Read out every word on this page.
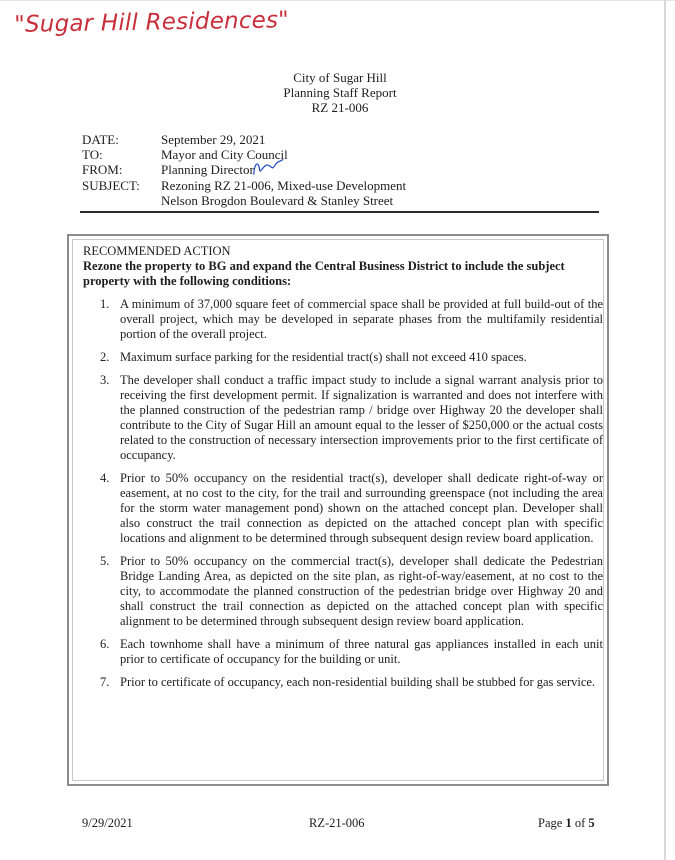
"Sugar Hill Residences"
City of Sugar Hill
Planning Staff Report
RZ 21-006
DATE:	September 29, 2021
TO:	Mayor and City Council
FROM:	Planning Director
SUBJECT:	Rezoning RZ 21-006, Mixed-use Development
Nelson Brogdon Boulevard & Stanley Street

RECOMMENDED ACTION

Rezone the property to BG and expand the Central Business District to include the subject property with the following conditions:

1. A minimum of 37,000 square feet of commercial space shall be provided at full build-out of the overall project, which may be developed in separate phases from the multifamily residential portion of the overall project.
2. Maximum surface parking for the residential tract(s) shall not exceed 410 spaces.
3. The developer shall conduct a traffic impact study to include a signal warrant analysis prior to receiving the first development permit. If signalization is warranted and does not interfere with the planned construction of the pedestrian ramp / bridge over Highway 20 the developer shall contribute to the City of Sugar Hill an amount equal to the lesser of $250,000 or the actual costs related to the construction of necessary intersection improvements prior to the first certificate of occupancy.
4. Prior to 50% occupancy on the residential tract(s), developer shall dedicate right-of-way or easement, at no cost to the city, for the trail and surrounding greenspace (not including the area for the storm water management pond) shown on the attached concept plan. Developer shall also construct the trail connection as depicted on the attached concept plan with specific locations and alignment to be determined through subsequent design review board application.
5. Prior to 50% occupancy on the commercial tract(s), developer shall dedicate the Pedestrian Bridge Landing Area, as depicted on the site plan, as right-of-way/easement, at no cost to the city, to accommodate the planned construction of the pedestrian bridge over Highway 20 and shall construct the trail connection as depicted on the attached concept plan with specific alignment to be determined through subsequent design review board application.
6. Each townhome shall have a minimum of three natural gas appliances installed in each unit prior to certificate of occupancy for the building or unit.
7. Prior to certificate of occupancy, each non-residential building shall be stubbed for gas service.
9/29/2021	RZ-21-006	Page 1 of 5
